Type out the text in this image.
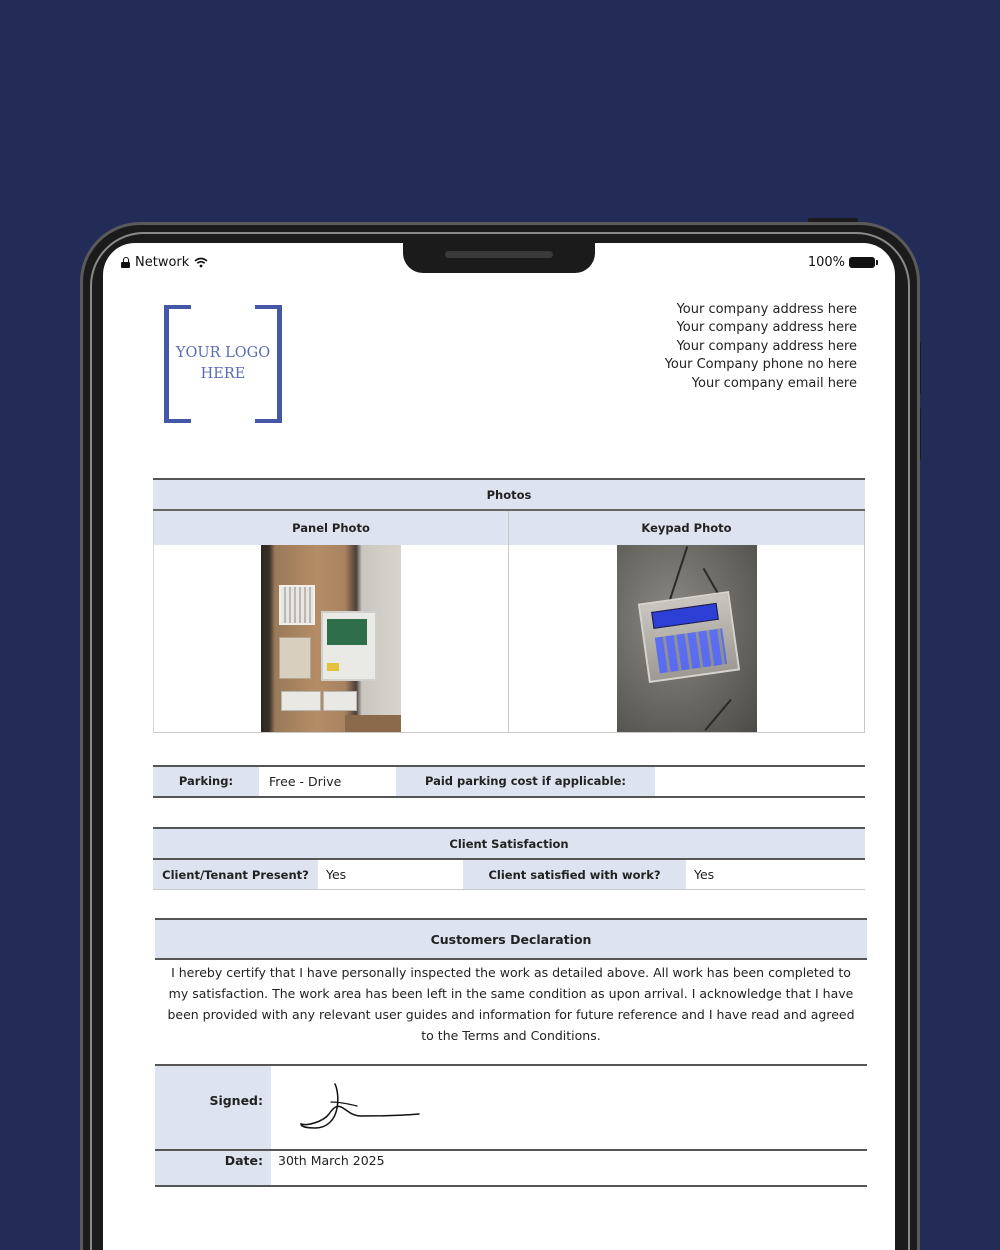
Network	100%
YOUR LOGO
HERE
Your company address here
Your company address here
Your company address here
Your Company phone no here
Your company email here
Photos
Panel Photo	Keypad Photo
Parking:	Free - Drive	Paid parking cost if applicable:
Client Satisfaction
Client/Tenant Present?	Yes	Client satisfied with work?	Yes
Customers Declaration
I hereby certify that I have personally inspected the work as detailed above. All work has been completed to my satisfaction. The work area has been left in the same condition as upon arrival. I acknowledge that I have been provided with any relevant user guides and information for future reference and I have read and agreed to the Terms and Conditions.
Signed:
Date:	30th March 2025
